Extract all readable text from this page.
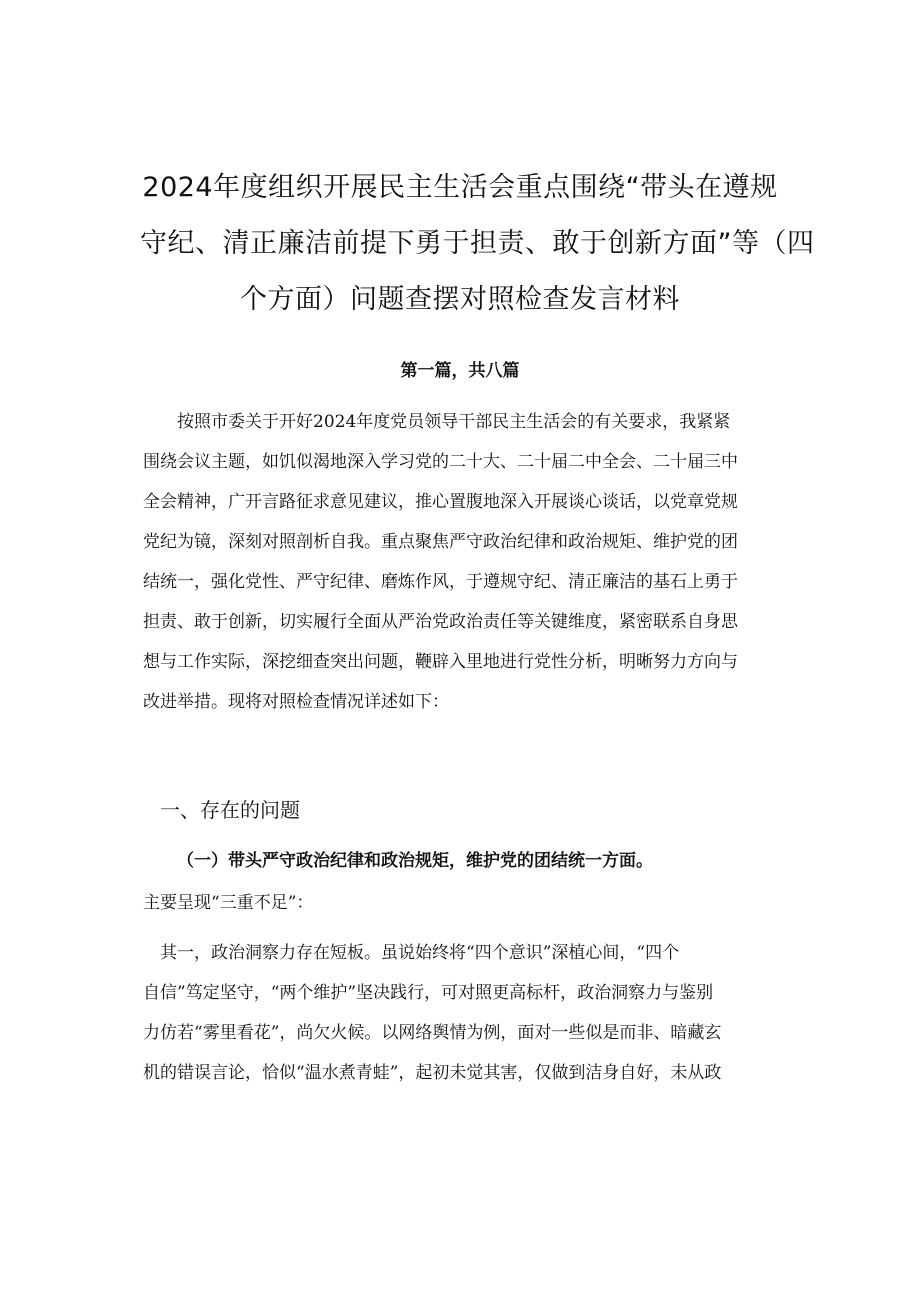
2024年度组织开展民主生活会重点围绕“带头在遵规
守纪、清正廉洁前提下勇于担责、敢于创新方面”等（四
个方面）问题查摆对照检查发言材料

第一篇，共八篇

按照市委关于开好2024年度党员领导干部民主生活会的有关要求，我紧紧
围绕会议主题，如饥似渴地深入学习党的二十大、二十届二中全会、二十届三中
全会精神，广开言路征求意见建议，推心置腹地深入开展谈心谈话，以党章党规
党纪为镜，深刻对照剖析自我。重点聚焦严守政治纪律和政治规矩、维护党的团
结统一，强化党性、严守纪律、磨炼作风，于遵规守纪、清正廉洁的基石上勇于
担责、敢于创新，切实履行全面从严治党政治责任等关键维度，紧密联系自身思
想与工作实际，深挖细查突出问题，鞭辟入里地进行党性分析，明晰努力方向与
改进举措。现将对照检查情况详述如下：
一、存在的问题
（一）带头严守政治纪律和政治规矩，维护党的团结统一方面。
主要呈现“三重不足”：
其一，政治洞察力存在短板。虽说始终将“四个意识”深植心间，“四个
自信”笃定坚守，“两个维护”坚决践行，可对照更高标杆，政治洞察力与鉴别
力仿若“雾里看花”，尚欠火候。以网络舆情为例，面对一些似是而非、暗藏玄
机的错误言论，恰似“温水煮青蛙”，起初未觉其害，仅做到洁身自好，未从政
